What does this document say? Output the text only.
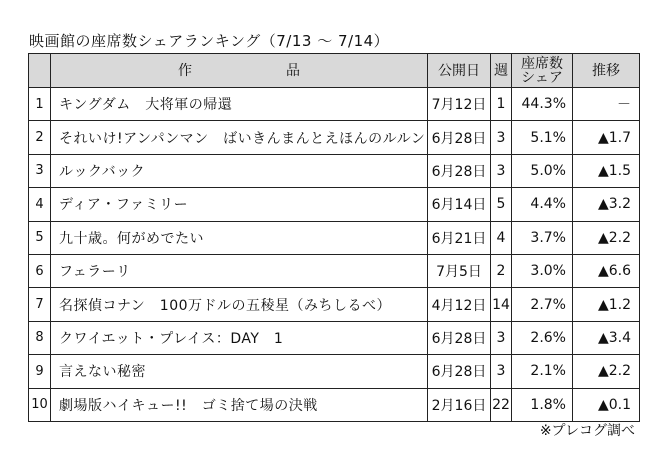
映画館の座席数シェアランキング（7/13 ～ 7/14）
	作　品	公開日	週	座席数
シェア	推移
1	キングダム　大将軍の帰還	7月12日	1	44.3%	－
2	それいけ!アンパンマン　ばいきんまんとえほんのルルン	6月28日	3	5.1%	▲1.7
3	ルックバック	6月28日	3	5.0%	▲1.5
4	ディア・ファミリー	6月14日	5	4.4%	▲3.2
5	九十歳。何がめでたい	6月21日	4	3.7%	▲2.2
6	フェラーリ	7月5日	2	3.0%	▲6.6
7	名探偵コナン　100万ドルの五稜星（みちしるべ）	4月12日	14	2.7%	▲1.2
8	クワイエット・プレイス：DAY　1	6月28日	3	2.6%	▲3.4
9	言えない秘密	6月28日	3	2.1%	▲2.2
10	劇場版ハイキュー!!　ゴミ捨て場の決戦	2月16日	22	1.8%	▲0.1
※プレコグ調べ
